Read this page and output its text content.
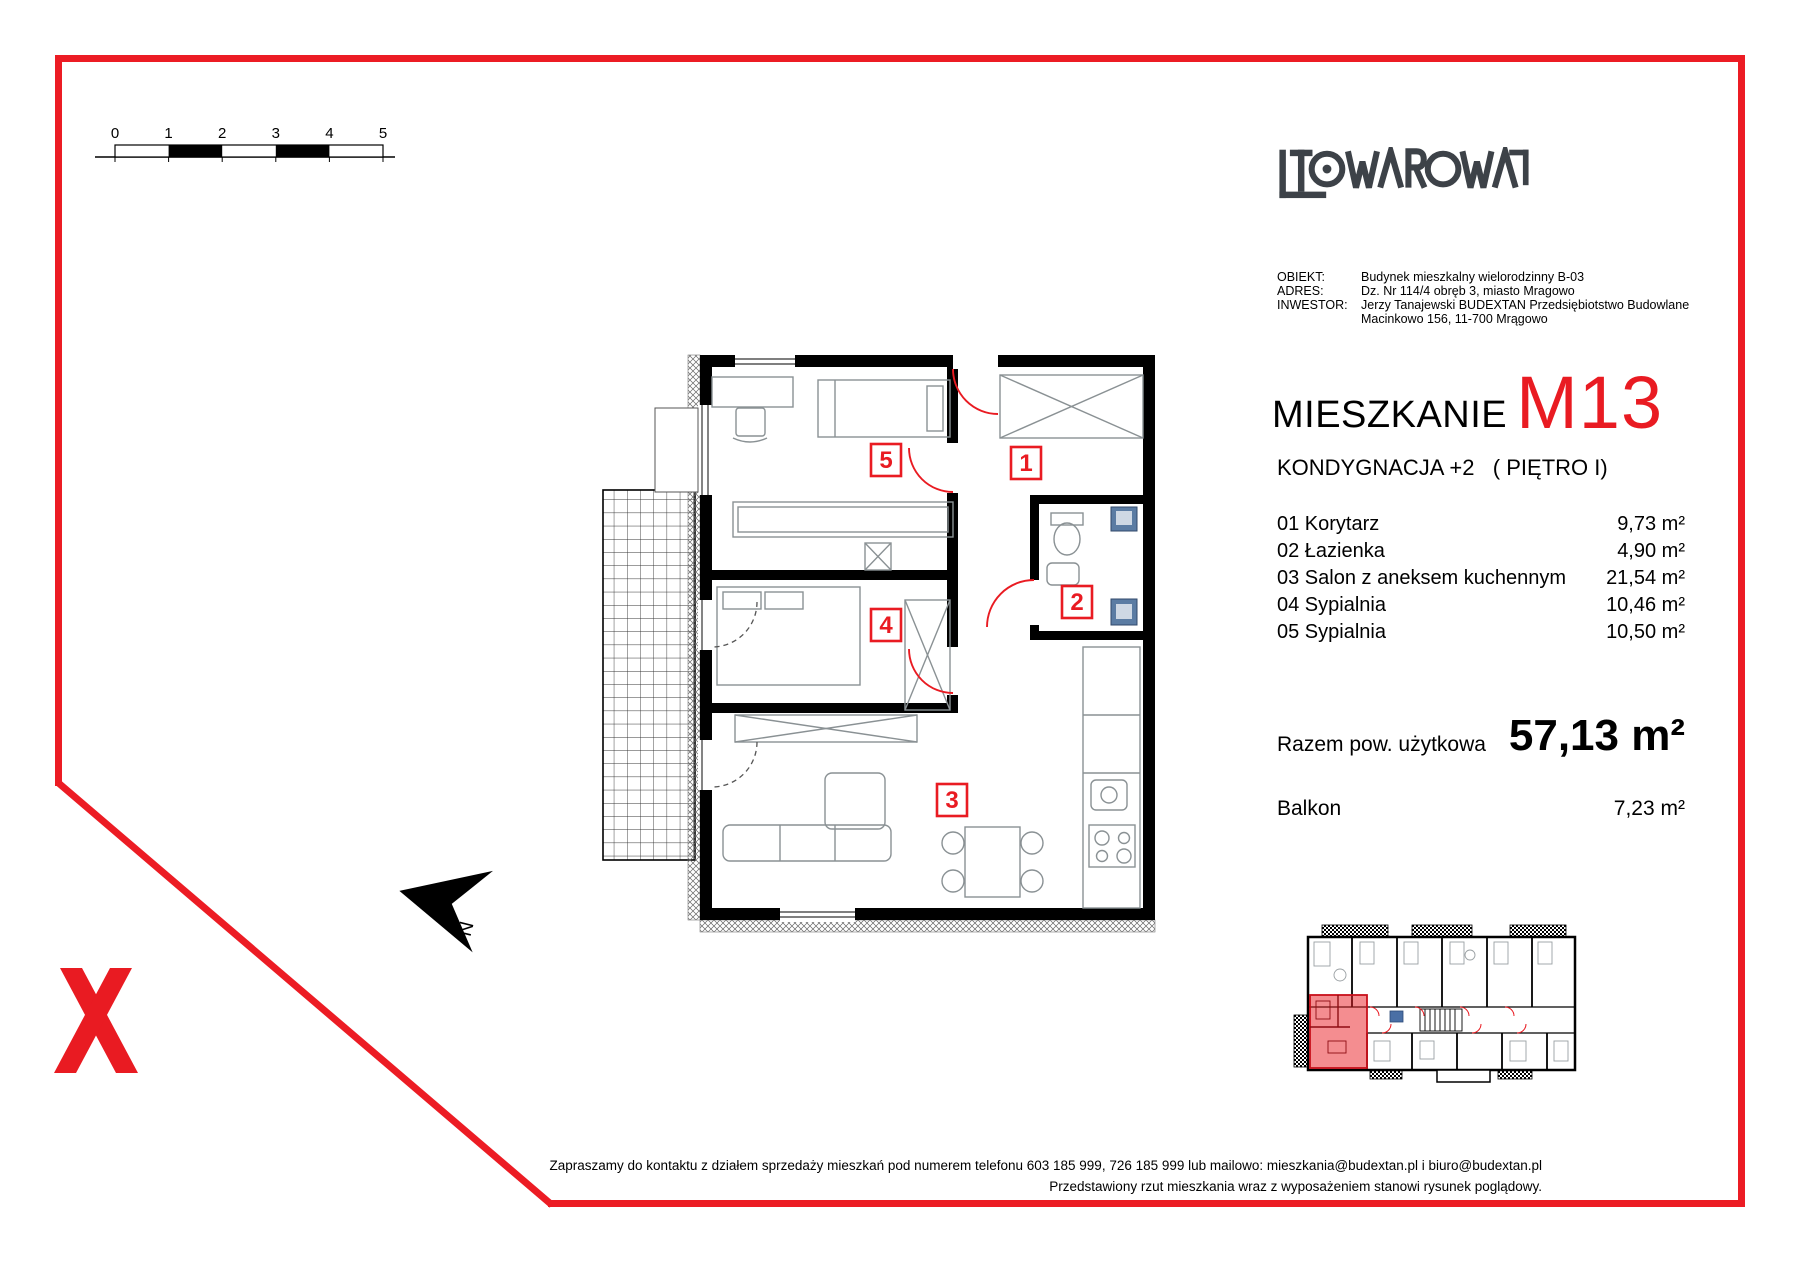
0	1	2	3	4	5
OBIEKT:	Budynek mieszkalny wielorodzinny B-03
ADRES:	Dz. Nr 114/4 obręb 3, miasto Mragowo
INWESTOR:	Jerzy Tanajewski BUDEXTAN Przedsiębiotstwo Budowlane
Macinkowo 156, 11-700 Mrągowo
MIESZKANIE M13
KONDYGNACJA +2   ( PIĘTRO I)
01 Korytarz	9,73 m²
02 Łazienka	4,90 m²
03 Salon z aneksem kuchennym 21,54 m²
04 Sypialnia	10,46 m²
05 Sypialnia	10,50 m²
Razem pow. użytkowa 57,13 m²
Balkon	7,23 m²
5	1
2
4
3
N
Zapraszamy do kontaktu z działem sprzedaży mieszkań pod numerem telefonu 603 185 999, 726 185 999 lub mailowo: mieszkania@budextan.pl i biuro@budextan.pl
Przedstawiony rzut mieszkania wraz z wyposażeniem stanowi rysunek poglądowy.
